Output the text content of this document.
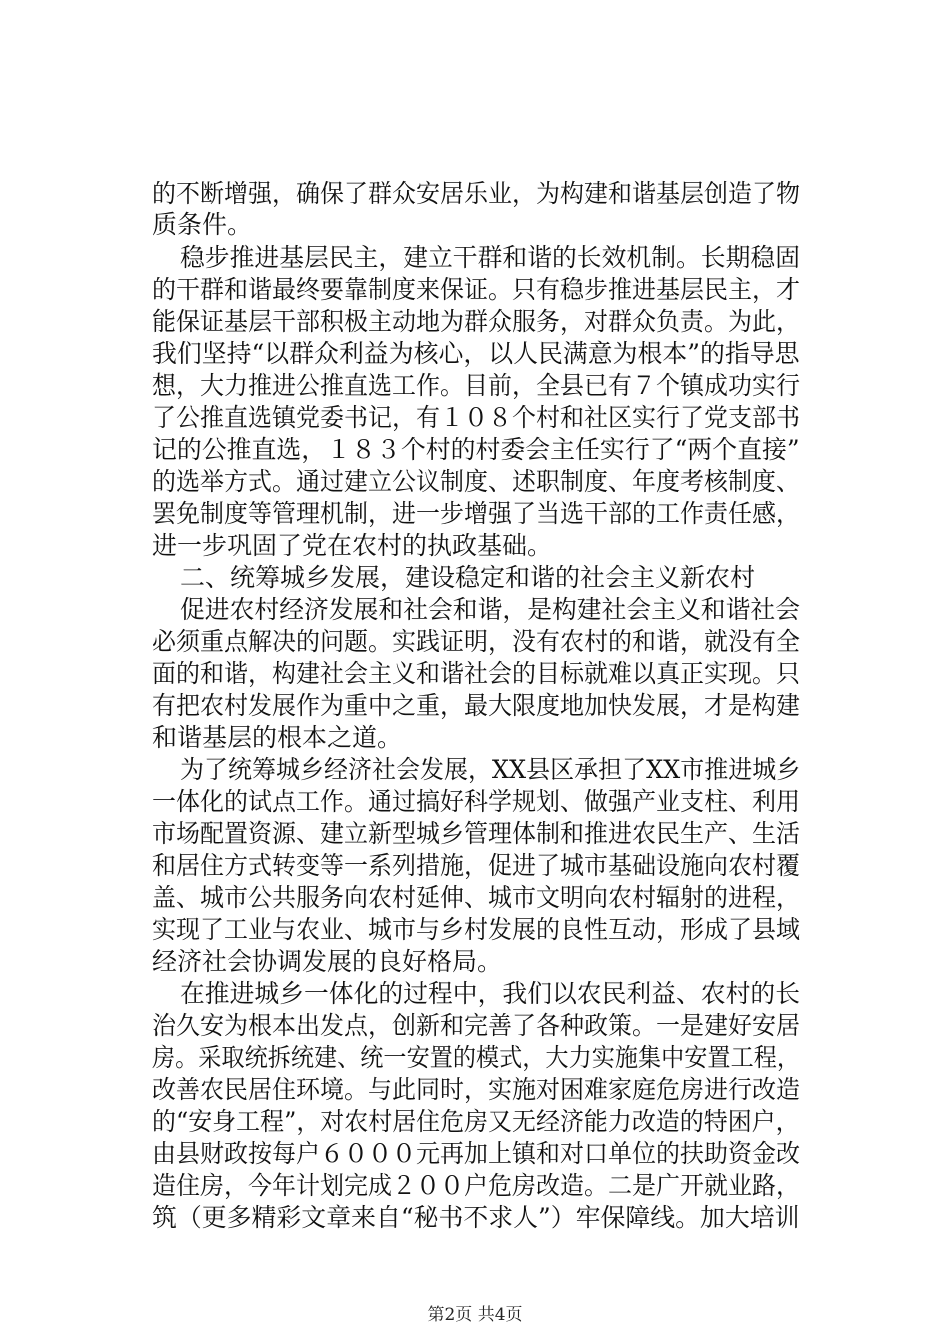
的不断增强，确保了群众安居乐业，为构建和谐基层创造了物
质条件。
稳步推进基层民主，建立干群和谐的长效机制。长期稳固
的干群和谐最终要靠制度来保证。只有稳步推进基层民主，才
能保证基层干部积极主动地为群众服务，对群众负责。为此，
我们坚持“以群众利益为核心，以人民满意为根本”的指导思
想，大力推进公推直选工作。目前，全县已有７个镇成功实行
了公推直选镇党委书记，有１０８个村和社区实行了党支部书
记的公推直选，１８３个村的村委会主任实行了“两个直接”
的选举方式。通过建立公议制度、述职制度、年度考核制度、
罢免制度等管理机制，进一步增强了当选干部的工作责任感，
进一步巩固了党在农村的执政基础。
二、统筹城乡发展，建设稳定和谐的社会主义新农村
促进农村经济发展和社会和谐，是构建社会主义和谐社会
必须重点解决的问题。实践证明，没有农村的和谐，就没有全
面的和谐，构建社会主义和谐社会的目标就难以真正实现。只
有把农村发展作为重中之重，最大限度地加快发展，才是构建
和谐基层的根本之道。
为了统筹城乡经济社会发展，XX县区承担了XX市推进城乡
一体化的试点工作。通过搞好科学规划、做强产业支柱、利用
市场配置资源、建立新型城乡管理体制和推进农民生产、生活
和居住方式转变等一系列措施，促进了城市基础设施向农村覆
盖、城市公共服务向农村延伸、城市文明向农村辐射的进程，
实现了工业与农业、城市与乡村发展的良性互动，形成了县域
经济社会协调发展的良好格局。
在推进城乡一体化的过程中，我们以农民利益、农村的长
治久安为根本出发点，创新和完善了各种政策。一是建好安居
房。采取统拆统建、统一安置的模式，大力实施集中安置工程，
改善农民居住环境。与此同时，实施对困难家庭危房进行改造
的“安身工程”，对农村居住危房又无经济能力改造的特困户，
由县财政按每户６０００元再加上镇和对口单位的扶助资金改
造住房，今年计划完成２００户危房改造。二是广开就业路，
筑（更多精彩文章来自“秘书不求人”）牢保障线。加大培训
第2页 共4页
